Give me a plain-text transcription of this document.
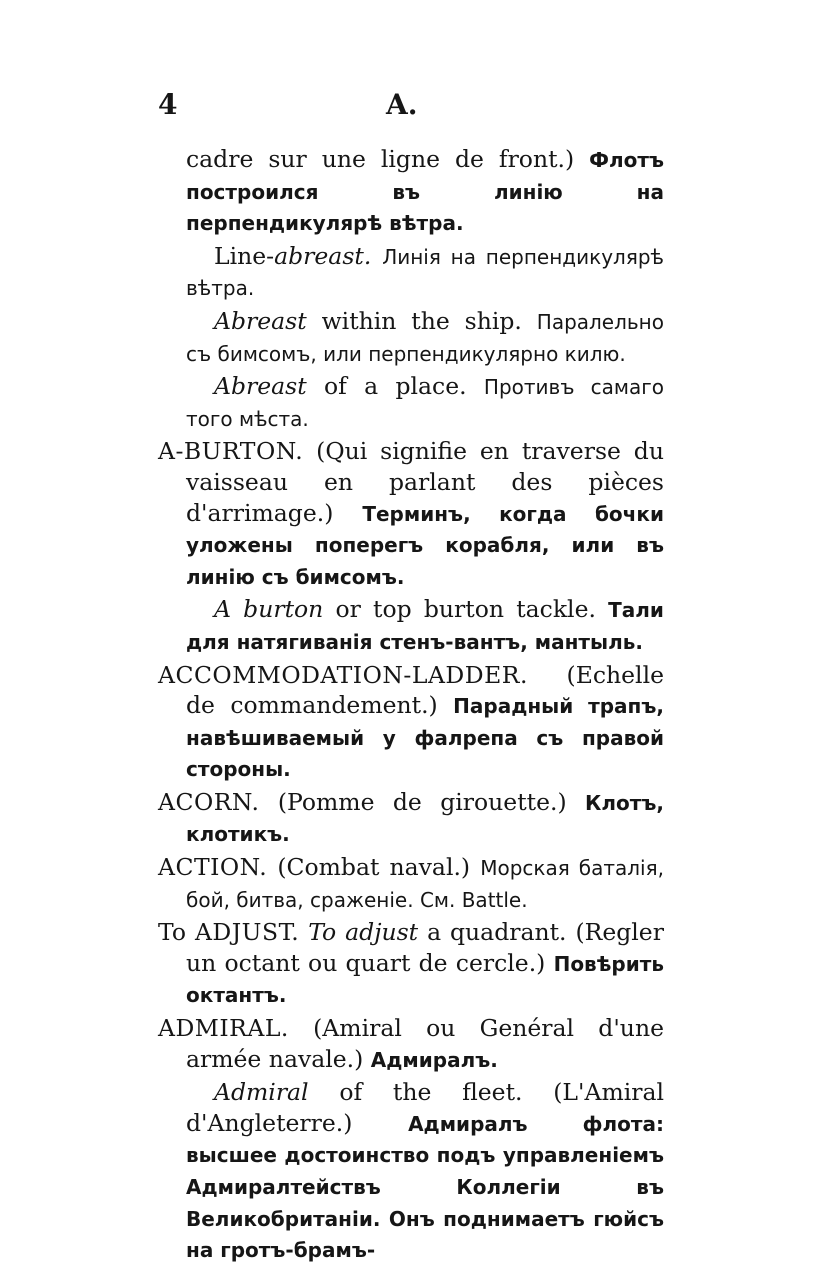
4	A.

cadre sur une ligne de front.) Флотъ построился въ линію на перпендикулярѣ вѣтра.

Line-abreast. Линія на перпендикулярѣ вѣтра.

Abreast within the ship. Паралельно съ бимсомъ, или перпендикулярно килю.

Abreast of a place. Противъ самаго того мѣста.

A-BURTON. (Qui signifie en traverse du vaisseau en parlant des pièces d'arrimage.) Терминъ, когда бочки уложены поперегъ корабля, или въ линію съ бимсомъ.

A burton or top burton tackle. Тали для натягиванія стенъ-вантъ, мантыль.

ACCOMMODATION-LADDER. (Echelle de commandement.) Парадный трапъ, навѣшиваемый у фалрепа съ правой стороны.

ACORN. (Pomme de girouette.) Клотъ, клотикъ.

ACTION. (Combat naval.) Морская баталія, бой, битва, сраженіе. См. Battle.

To ADJUST. To adjust a quadrant. (Regler un octant ou quart de cercle.) Повѣрить октантъ.

ADMIRAL. (Amiral ou Genéral d'une armée navale.) Адмиралъ.

Admiral of the fleet. (L'Amiral d'Angleterre.)	Адмиралъ флота: высшее достоинство подъ управленіемъ Адмиралтействъ Коллегіи въ Великобританіи. Онъ поднимаетъ гюйсъ на гротъ-брамъ-
